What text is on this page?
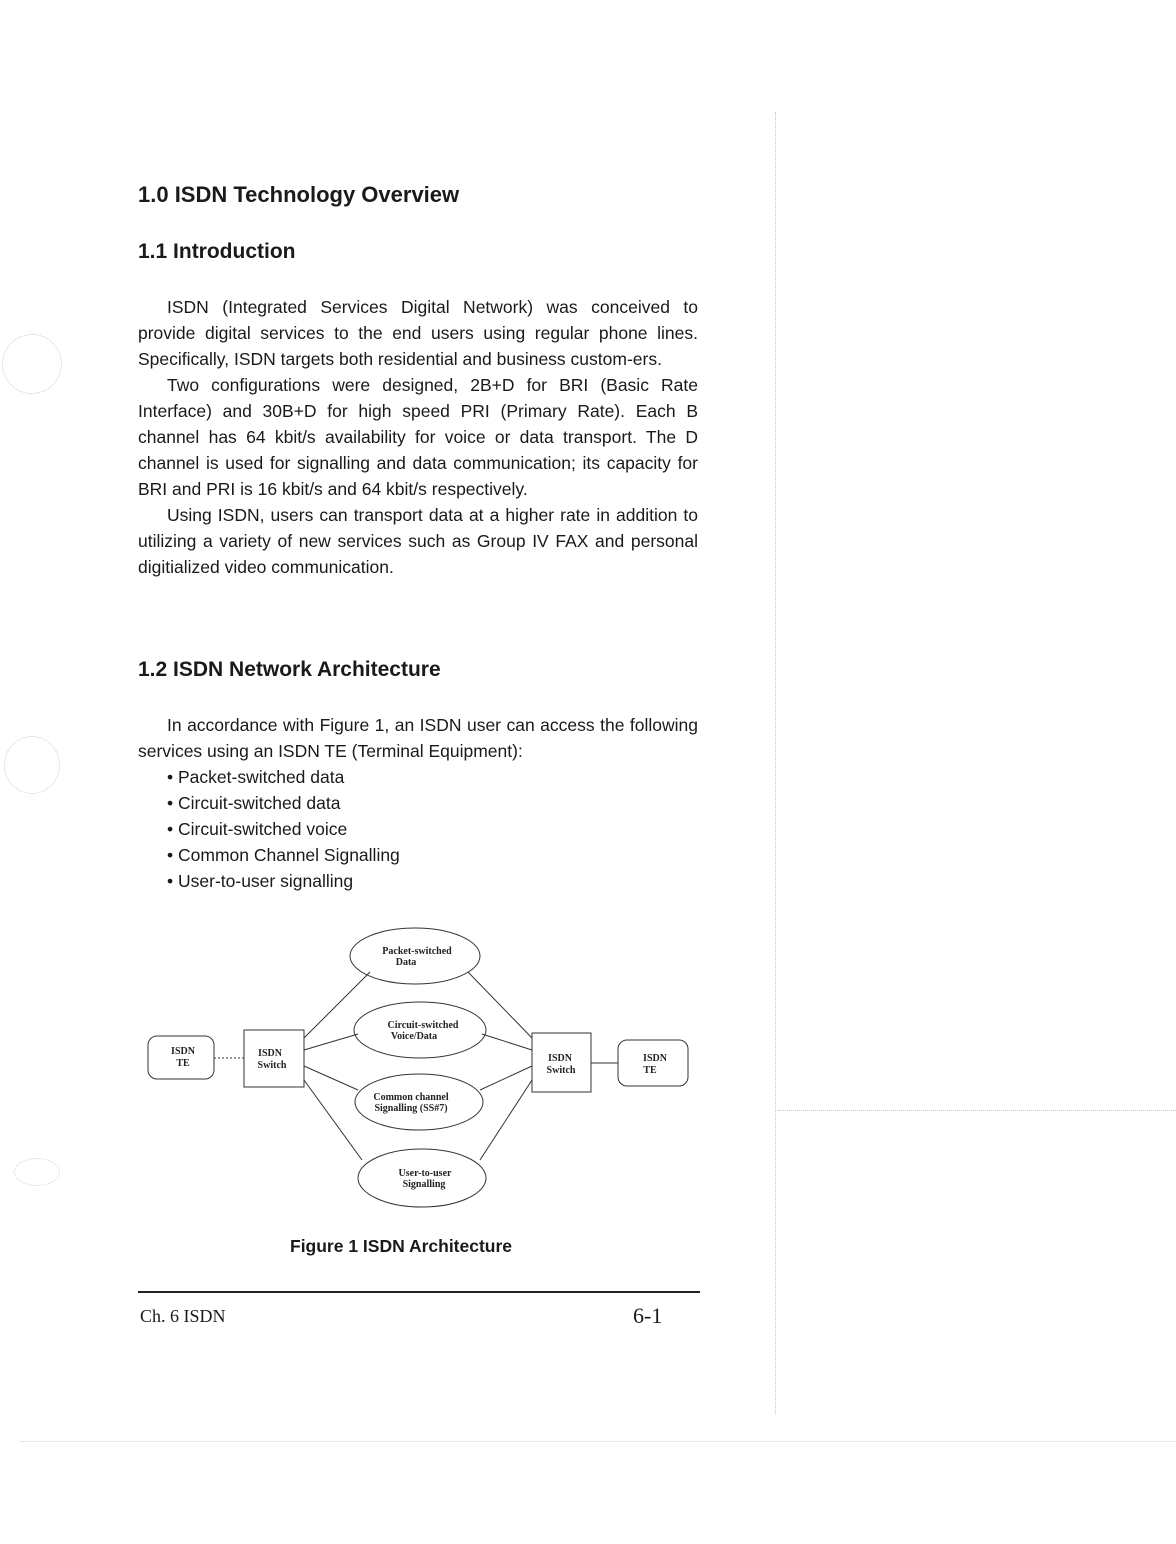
1.0 ISDN Technology Overview
1.1 Introduction

ISDN (Integrated Services Digital Network) was conceived to provide digital services to the end users using regular phone lines. Specifically, ISDN targets both residential and business custom-ers.

Two configurations were designed, 2B+D for BRI (Basic Rate Interface) and 30B+D for high speed PRI (Primary Rate). Each B channel has 64 kbit/s availability for voice or data transport. The D channel is used for signalling and data communication; its capacity for BRI and PRI is 16 kbit/s and 64 kbit/s respectively.

Using ISDN, users can transport data at a higher rate in addition to utilizing a variety of new services such as Group IV FAX and personal digitialized video communication.

1.2 ISDN Network Architecture

In accordance with Figure 1, an ISDN user can access the following services using an ISDN TE (Terminal Equipment):

• Packet-switched data
• Circuit-switched data
• Circuit-switched voice
• Common Channel Signalling
• User-to-user signalling
ISDN
TE
ISDN
Switch
ISDN
Switch
ISDN
TE
Packet-switched
Data
Circuit-switched
Voice/Data
Common channel
Signalling (SS#7)
User-to-user
Signalling
Figure 1 ISDN Architecture
Ch. 6 ISDN	6-1
